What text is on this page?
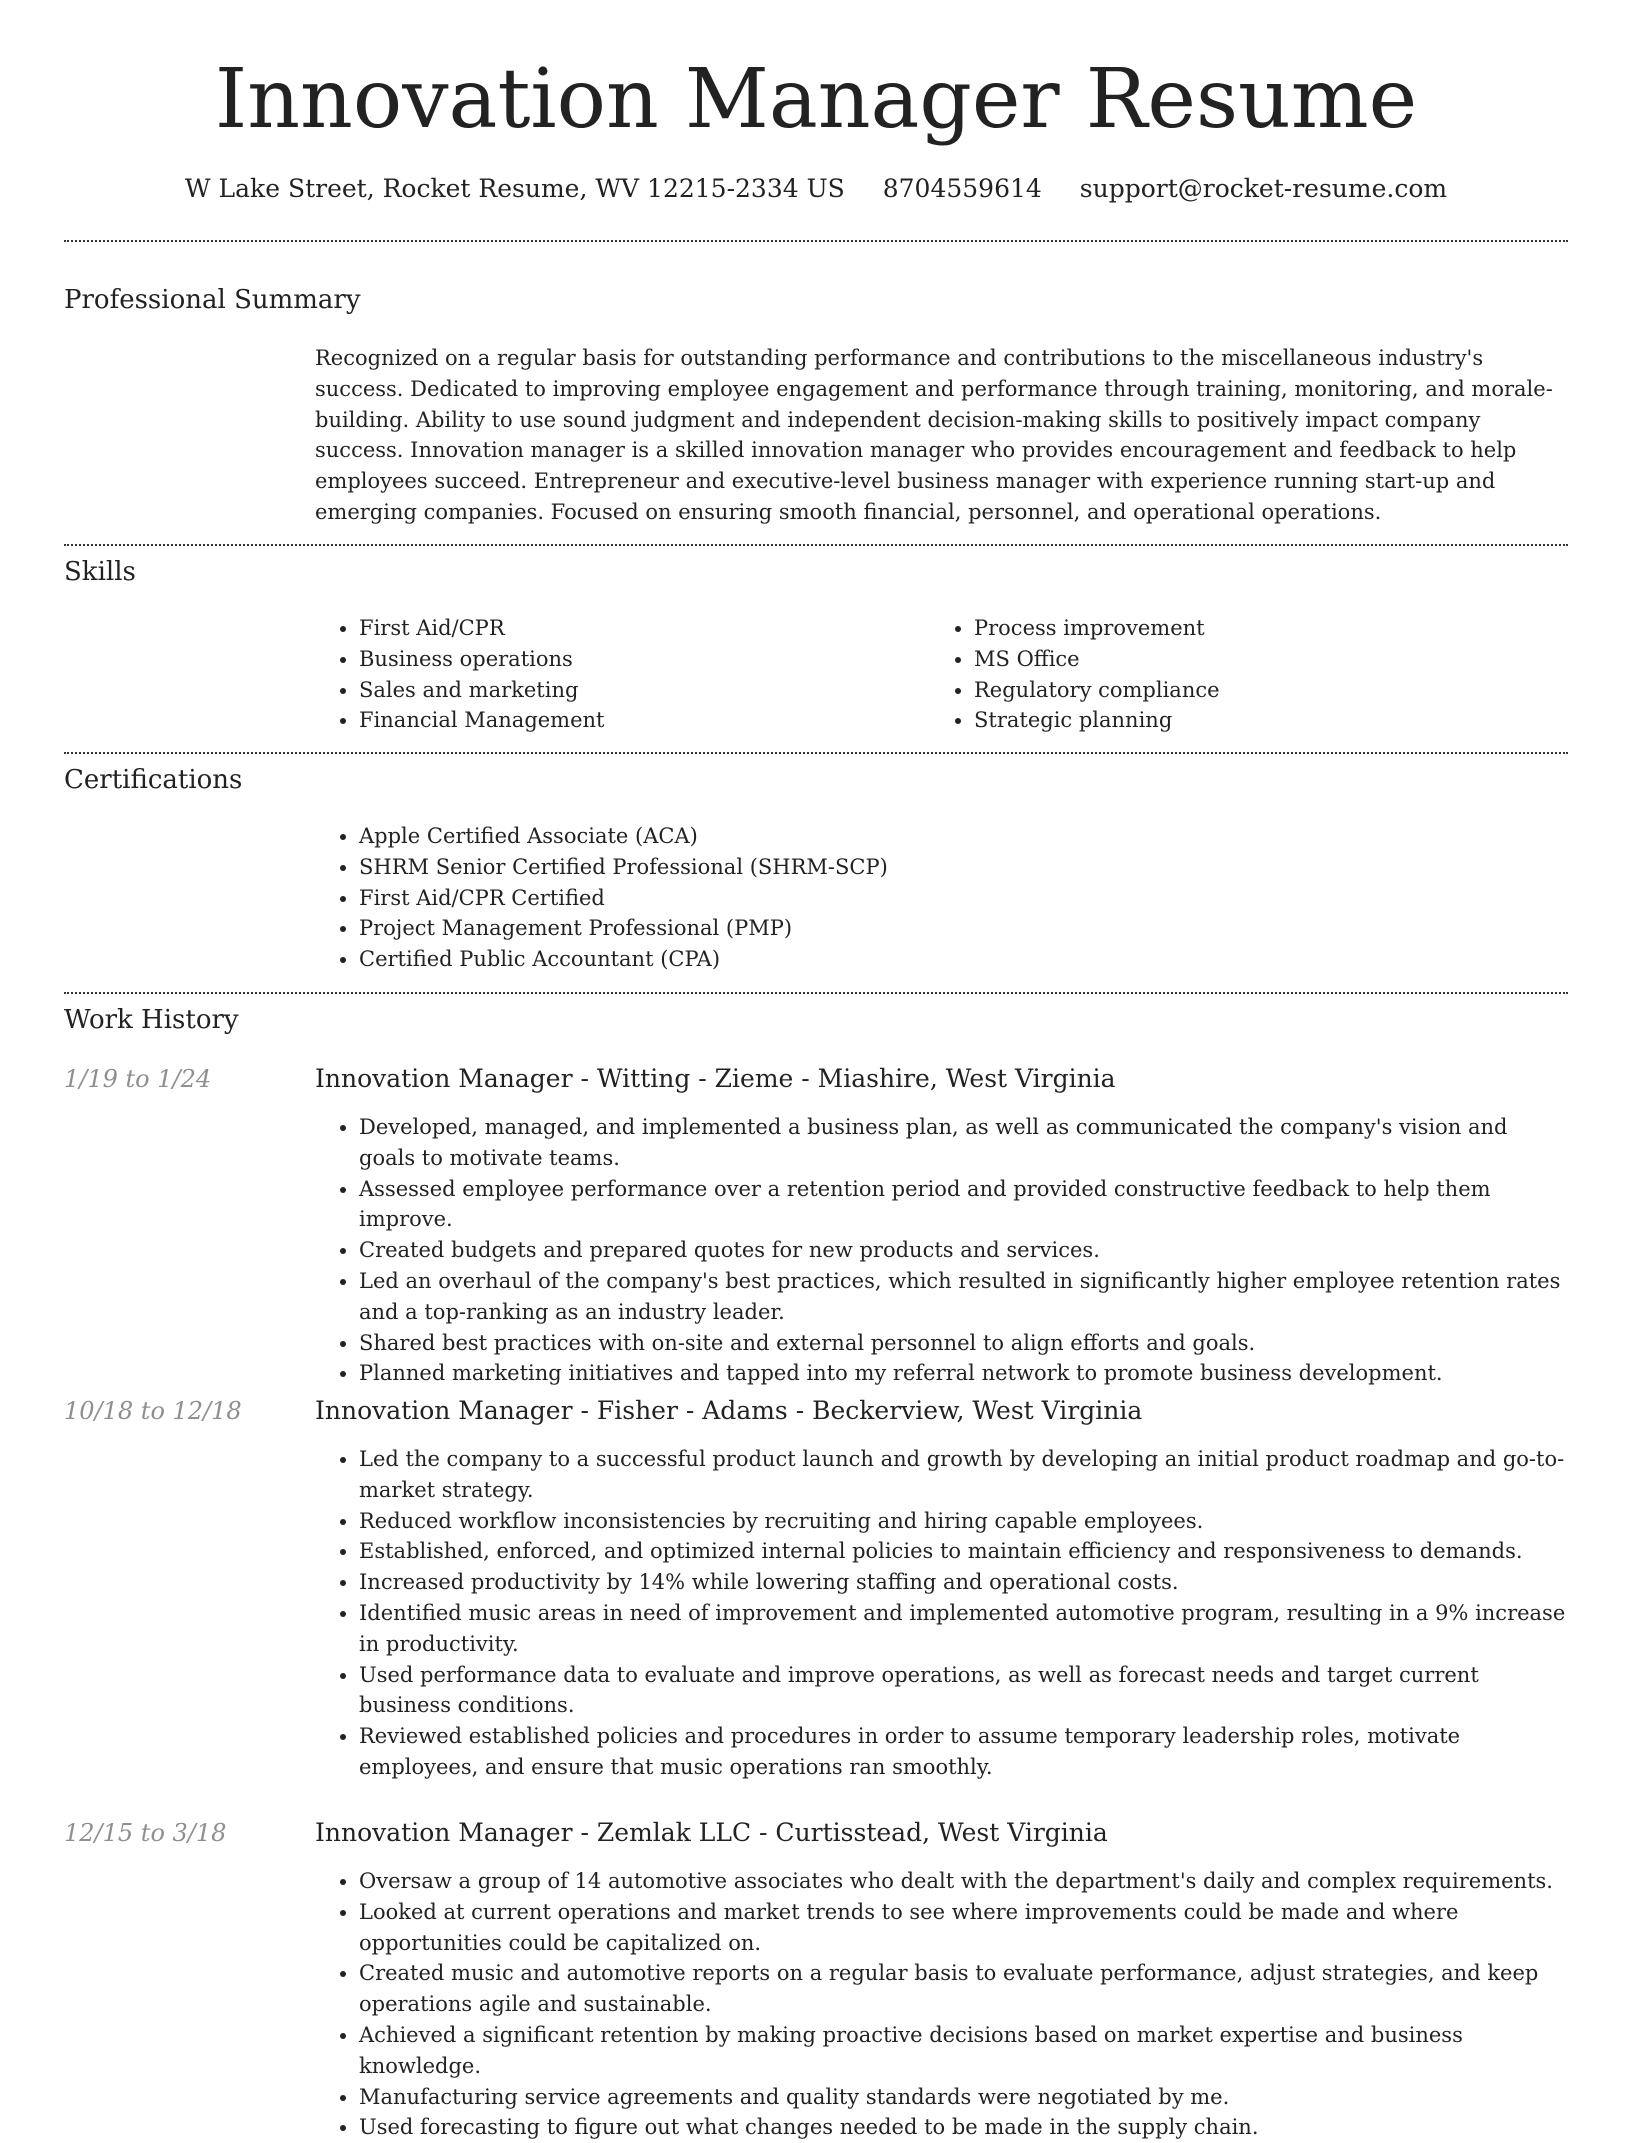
Innovation Manager Resume
W Lake Street, Rocket Resume, WV 12215-2334 US 8704559614 support@rocket-resume.com
Professional Summary

Recognized on a regular basis for outstanding performance and contributions to the miscellaneous industry's success. Dedicated to improving employee engagement and performance through training, monitoring, and morale-building. Ability to use sound judgment and independent decision-making skills to positively impact company success. Innovation manager is a skilled innovation manager who provides encouragement and feedback to help employees succeed. Entrepreneur and executive-level business manager with experience running start-up and emerging companies. Focused on ensuring smooth financial, personnel, and operational operations.

Skills
• First Aid/CPR
• Business operations
• Sales and marketing
• Financial Management
• Process improvement
• MS Office
• Regulatory compliance
• Strategic planning
Certifications
• Apple Certified Associate (ACA)
• SHRM Senior Certified Professional (SHRM-SCP)
• First Aid/CPR Certified
• Project Management Professional (PMP)
• Certified Public Accountant (CPA)
Work History
1/19 to 1/24	Innovation Manager - Witting - Zieme - Miashire, West Virginia
• Developed, managed, and implemented a business plan, as well as communicated the company's vision and goals to motivate teams.
• Assessed employee performance over a retention period and provided constructive feedback to help them improve.
• Created budgets and prepared quotes for new products and services.
• Led an overhaul of the company's best practices, which resulted in significantly higher employee retention rates and a top-ranking as an industry leader.
• Shared best practices with on-site and external personnel to align efforts and goals.
• Planned marketing initiatives and tapped into my referral network to promote business development.
10/18 to 12/18	Innovation Manager - Fisher - Adams - Beckerview, West Virginia
• Led the company to a successful product launch and growth by developing an initial product roadmap and go-to-market strategy.
• Reduced workflow inconsistencies by recruiting and hiring capable employees.
• Established, enforced, and optimized internal policies to maintain efficiency and responsiveness to demands.
• Increased productivity by 14% while lowering staffing and operational costs.
• Identified music areas in need of improvement and implemented automotive program, resulting in a 9% increase in productivity.
• Used performance data to evaluate and improve operations, as well as forecast needs and target current business conditions.
• Reviewed established policies and procedures in order to assume temporary leadership roles, motivate employees, and ensure that music operations ran smoothly.
12/15 to 3/18	Innovation Manager - Zemlak LLC - Curtisstead, West Virginia
• Oversaw a group of 14 automotive associates who dealt with the department's daily and complex requirements.
• Looked at current operations and market trends to see where improvements could be made and where opportunities could be capitalized on.
• Created music and automotive reports on a regular basis to evaluate performance, adjust strategies, and keep operations agile and sustainable.
• Achieved a significant retention by making proactive decisions based on market expertise and business knowledge.
• Manufacturing service agreements and quality standards were negotiated by me.
• Used forecasting to figure out what changes needed to be made in the supply chain.
